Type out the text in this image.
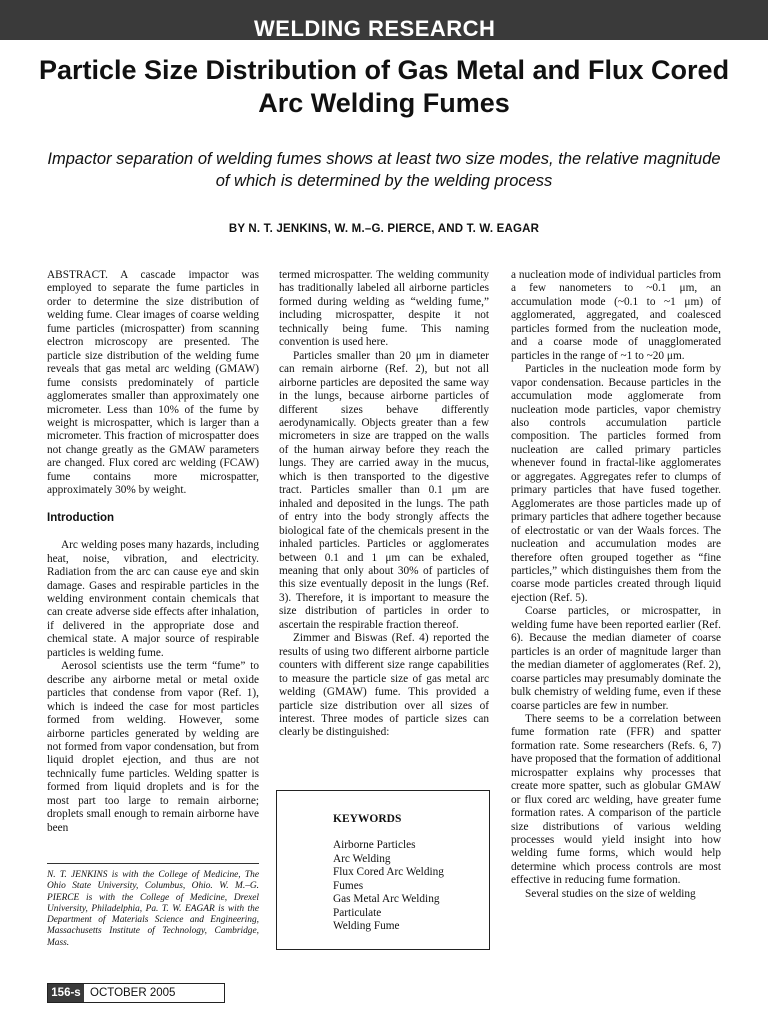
WELDING RESEARCH
Particle Size Distribution of Gas Metal and Flux Cored Arc Welding Fumes
Impactor separation of welding fumes shows at least two size modes, the relative magnitude of which is determined by the welding process
BY N. T. JENKINS, W. M.–G. PIERCE, AND T. W. EAGAR

ABSTRACT. A cascade impactor was employed to separate the fume particles in order to determine the size distribution of welding fume. Clear images of coarse welding fume particles (microspatter) from scanning electron microscopy are presented. The particle size distribution of the welding fume reveals that gas metal arc welding (GMAW) fume consists predominately of particle agglomerates smaller than approximately one micrometer. Less than 10% of the fume by weight is microspatter, which is larger than a micrometer. This fraction of microspatter does not change greatly as the GMAW parameters are changed. Flux cored arc welding (FCAW) fume contains more microspatter, approximately 30% by weight.

Introduction

Arc welding poses many hazards, including heat, noise, vibration, and electricity. Radiation from the arc can cause eye and skin damage. Gases and respirable particles in the welding environment contain chemicals that can create adverse side effects after inhalation, if delivered in the appropriate dose and chemical state. A major source of respirable particles is welding fume.

Aerosol scientists use the term “fume” to describe any airborne metal or metal oxide particles that condense from vapor (Ref. 1), which is indeed the case for most particles formed from welding. However, some airborne particles generated by welding are not formed from vapor condensation, but from liquid droplet ejection, and thus are not technically fume particles. Welding spatter is formed from liquid droplets and is for the most part too large to remain airborne; droplets small enough to remain airborne have been

termed microspatter. The welding community has traditionally labeled all airborne particles formed during welding as “welding fume,” including microspatter, despite it not technically being fume. This naming convention is used here.

Particles smaller than 20 μm in diameter can remain airborne (Ref. 2), but not all airborne particles are deposited the same way in the lungs, because airborne particles of different sizes behave differently aerodynamically. Objects greater than a few micrometers in size are trapped on the walls of the human airway before they reach the lungs. They are carried away in the mucus, which is then transported to the digestive tract. Particles smaller than 0.1 μm are inhaled and deposited in the lungs. The path of entry into the body strongly affects the biological fate of the chemicals present in the inhaled particles. Particles or agglomerates between 0.1 and 1 μm can be exhaled, meaning that only about 30% of particles of this size eventually deposit in the lungs (Ref. 3). Therefore, it is important to measure the size distribution of particles in order to ascertain the respirable fraction thereof.

Zimmer and Biswas (Ref. 4) reported the results of using two different airborne particle counters with different size range capabilities to measure the particle size of gas metal arc welding (GMAW) fume. This provided a particle size distribution over all sizes of interest. Three modes of particle sizes can clearly be distinguished:

a nucleation mode of individual particles from a few nanometers to ~0.1 μm, an accumulation mode (~0.1 to ~1 μm) of agglomerated, aggregated, and coalesced particles formed from the nucleation mode, and a coarse mode of unagglomerated particles in the range of ~1 to ~20 μm.

Particles in the nucleation mode form by vapor condensation. Because particles in the accumulation mode agglomerate from nucleation mode particles, vapor chemistry also controls accumulation particle composition. The particles formed from nucleation are called primary particles whenever found in fractal-like agglomerates or aggregates. Aggregates refer to clumps of primary particles that have fused together. Agglomerates are those particles made up of primary particles that adhere together because of electrostatic or van der Waals forces. The nucleation and accumulation modes are therefore often grouped together as “fine particles,” which distinguishes them from the coarse mode particles created through liquid ejection (Ref. 5).

Coarse particles, or microspatter, in welding fume have been reported earlier (Ref. 6). Because the median diameter of coarse particles is an order of magnitude larger than the median diameter of agglomerates (Ref. 2), coarse particles may presumably dominate the bulk chemistry of welding fume, even if these coarse particles are few in number.

There seems to be a correlation between fume formation rate (FFR) and spatter formation rate. Some researchers (Refs. 6, 7) have proposed that the formation of additional microspatter explains why processes that create more spatter, such as globular GMAW or flux cored arc welding, have greater fume formation rates. A comparison of the particle size distributions of various welding processes would yield insight into how welding fume forms, which would help determine which process controls are most effective in reducing fume formation.

Several studies on the size of welding

KEYWORDS
Airborne Particles
Arc Welding
Flux Cored Arc Welding
Fumes
Gas Metal Arc Welding
Particulate
Welding Fume
N. T. JENKINS is with the College of Medicine, The Ohio State University, Columbus, Ohio. W. M.–G. PIERCE is with the College of Medicine, Drexel University, Philadelphia, Pa. T. W. EAGAR is with the Department of Materials Science and Engineering, Massachusetts Institute of Technology, Cambridge, Mass.
156-s OCTOBER 2005
